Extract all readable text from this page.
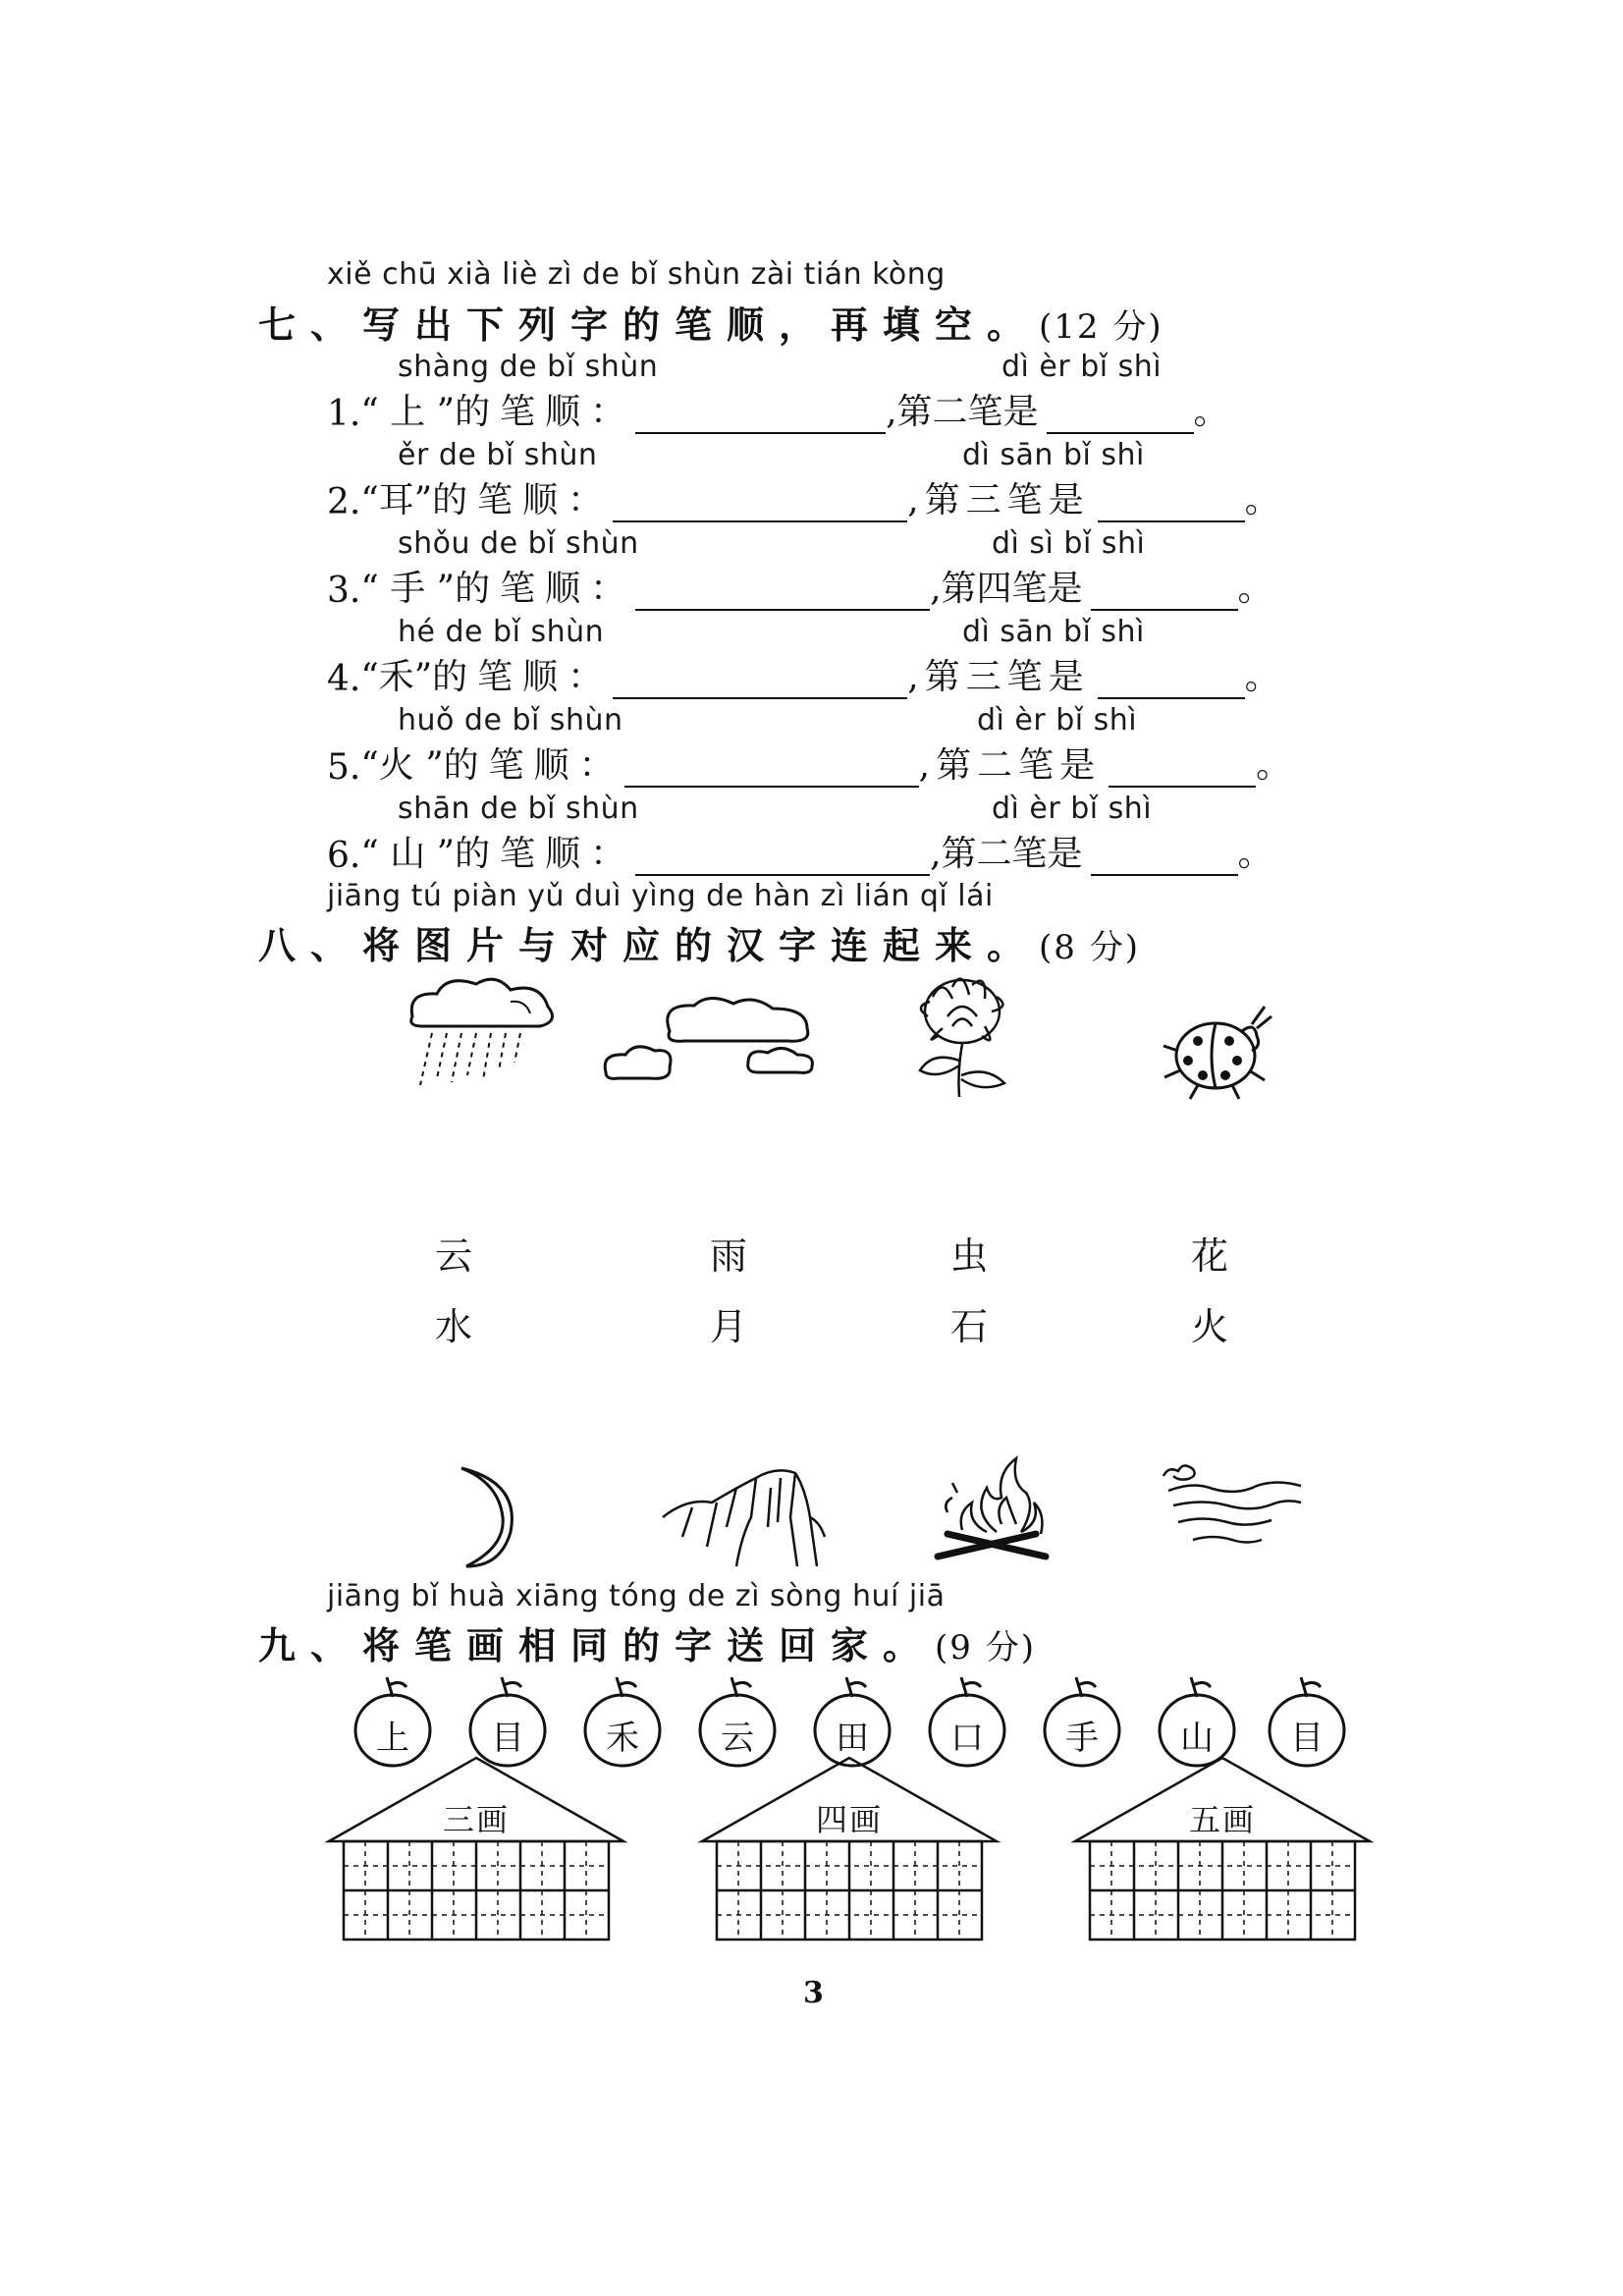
xiě chū xià liè zì de bǐ shùn zài tián kòng
七、写出下列字的笔顺，再填空。(12 分)
shàng de bǐ shùn	dì èr bǐ shì
1. “ 上 ” 的笔顺：	,第二笔是	。
ěr de bǐ shùn	dì sān bǐ shì
2. “耳” 的笔顺：	,第三笔是	。
shǒu de bǐ shùn	dì sì bǐ shì
3. “ 手 ” 的笔顺：	,第四笔是	。
hé de bǐ shùn	dì sān bǐ shì
4. “禾” 的笔顺：	,第三笔是	。
huǒ de bǐ shùn	dì èr bǐ shì
5. “火 ” 的笔顺：	,第二笔是	。
shān de bǐ shùn	dì èr bǐ shì
6. “ 山 ” 的笔顺：	,第二笔是	。
jiāng tú piàn yǔ duì yìng de hàn zì lián qǐ lái
八、将图片与对应的汉字连起来。(8 分)
云	雨	虫	花
水	月	石	火
jiāng bǐ huà xiāng tóng de zì sòng huí jiā
九、将笔画相同的字送回家。(9 分)
上	目	禾	云	田	口	手	山	目
三画	四画	五画
3
